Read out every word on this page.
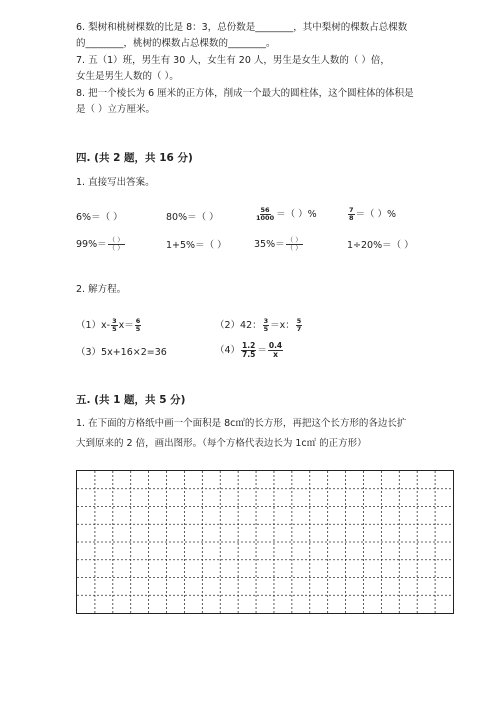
6. 梨树和桃树棵数的比是 8：3，总份数是________，其中梨树的棵数占总棵数
的________，桃树的棵数占总棵数的________。
7. 五（1）班，男生有 30 人，女生有 20 人，男生是女生人数的（ ）倍，
女生是男生人数的（ ）。
8. 把一个棱长为 6 厘米的正方体，削成一个最大的圆柱体，这个圆柱体的体积是
是（ ）立方厘米。
四. (共 2 题，共 16 分)
1. 直接写出答案。
6%＝（ ）	80%＝（ ）	$\frac{56}{1000}$ ＝（ ）%	$\frac{7}{8}$ ＝（ ）%
$99\%= \frac{( )}{( )}$	1+5%＝（ ）	$35\%= \frac{( )}{( )}$	1÷20%＝（ ）
2. 解方程。
$(1)x- \frac{3}{5} x= \frac{6}{5}$	（2）42： $\frac{3}{5} =x$： $\frac{5}{7}$
（3）5x+16×2=36	$(4) \frac{1.2}{7.5} = \frac{0.4}{x}$
五. (共 1 题，共 5 分)
1. 在下面的方格纸中画一个面积是 8c㎡的长方形，再把这个长方形的各边长扩
大到原来的 2 倍，画出图形。（每个方格代表边长为 1c㎡ 的正方形）
